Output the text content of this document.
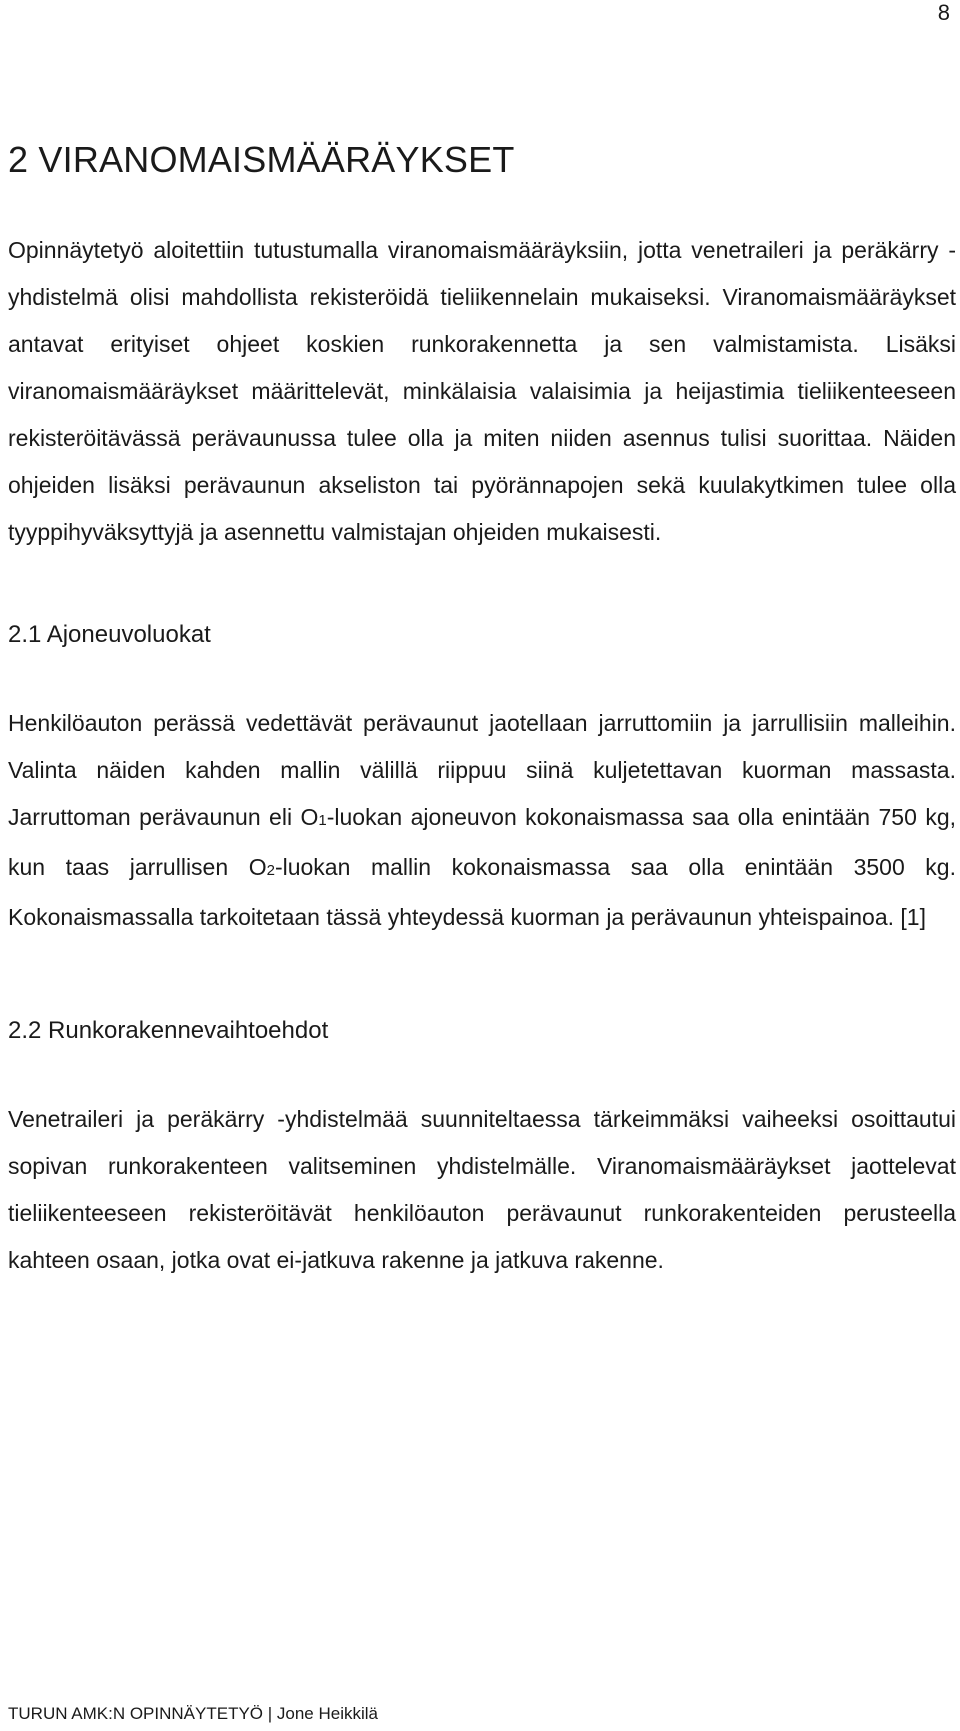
8
2 VIRANOMAISMÄÄRÄYKSET

Opinnäytetyö aloitettiin tutustumalla viranomaismääräyksiin, jotta venetraileri ja peräkärry -yhdistelmä olisi mahdollista rekisteröidä tieliikennelain mukaiseksi. Viranomaismääräykset antavat erityiset ohjeet koskien runkorakennetta ja sen valmistamista. Lisäksi viranomaismääräykset määrittelevät, minkälaisia valaisimia ja heijastimia tieliikenteeseen rekisteröitävässä perävaunussa tulee olla ja miten niiden asennus tulisi suorittaa. Näiden ohjeiden lisäksi perävaunun akseliston tai pyörännapojen sekä kuulakytkimen tulee olla tyyppihyväksyttyjä ja asennettu valmistajan ohjeiden mukaisesti.

2.1 Ajoneuvoluokat

Henkilöauton perässä vedettävät perävaunut jaotellaan jarruttomiin ja jarrullisiin malleihin. Valinta näiden kahden mallin välillä riippuu siinä kuljetettavan kuorman massasta. Jarruttoman perävaunun eli O1-luokan ajoneuvon kokonaismassa saa olla enintään 750 kg, kun taas jarrullisen O2-luokan mallin kokonaismassa saa olla enintään 3500 kg. Kokonaismassalla tarkoitetaan tässä yhteydessä kuorman ja perävaunun yhteispainoa. [1]

2.2 Runkorakennevaihtoehdot

Venetraileri ja peräkärry -yhdistelmää suunniteltaessa tärkeimmäksi vaiheeksi osoittautui sopivan runkorakenteen valitseminen yhdistelmälle. Viranomaismääräykset jaottelevat tieliikenteeseen rekisteröitävät henkilöauton perävaunut runkorakenteiden perusteella kahteen osaan, jotka ovat ei-jatkuva rakenne ja jatkuva rakenne.

TURUN AMK:N OPINNÄYTETYÖ | Jone Heikkilä
